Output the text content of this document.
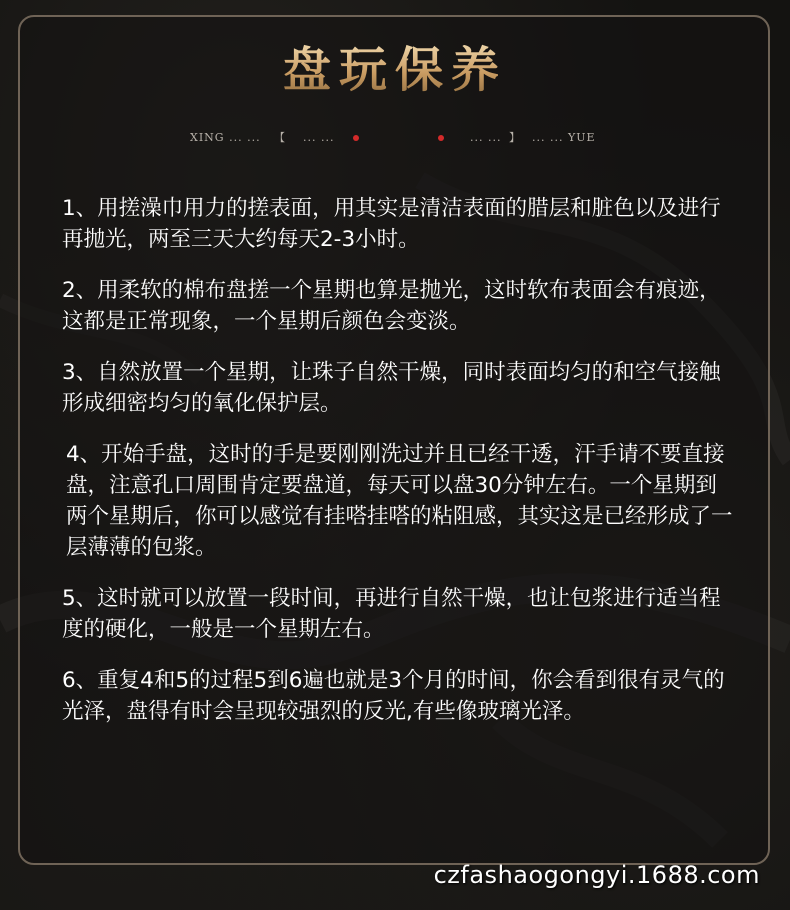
盘玩保养
XING ... ... 【 ... ...	... ... 】 ... ... YUE

1、用搓澡巾用力的搓表面，用其实是清洁表面的腊层和脏色以及进行再抛光，两至三天大约每天2-3小时。

2、用柔软的棉布盘搓一个星期也算是抛光，这时软布表面会有痕迹，这都是正常现象，一个星期后颜色会变淡。

3、自然放置一个星期，让珠子自然干燥，同时表面均匀的和空气接触形成细密均匀的氧化保护层。

4、开始手盘，这时的手是要刚刚洗过并且已经干透，汗手请不要直接盘，注意孔口周围肯定要盘道，每天可以盘30分钟左右。一个星期到两个星期后，你可以感觉有挂嗒挂嗒的粘阻感，其实这是已经形成了一层薄薄的包浆。

5、这时就可以放置一段时间，再进行自然干燥，也让包浆进行适当程度的硬化，一般是一个星期左右。

6、重复4和5的过程5到6遍也就是3个月的时间，你会看到很有灵气的光泽，盘得有时会呈现较强烈的反光,有些像玻璃光泽。

czfashaogongyi.1688.com
